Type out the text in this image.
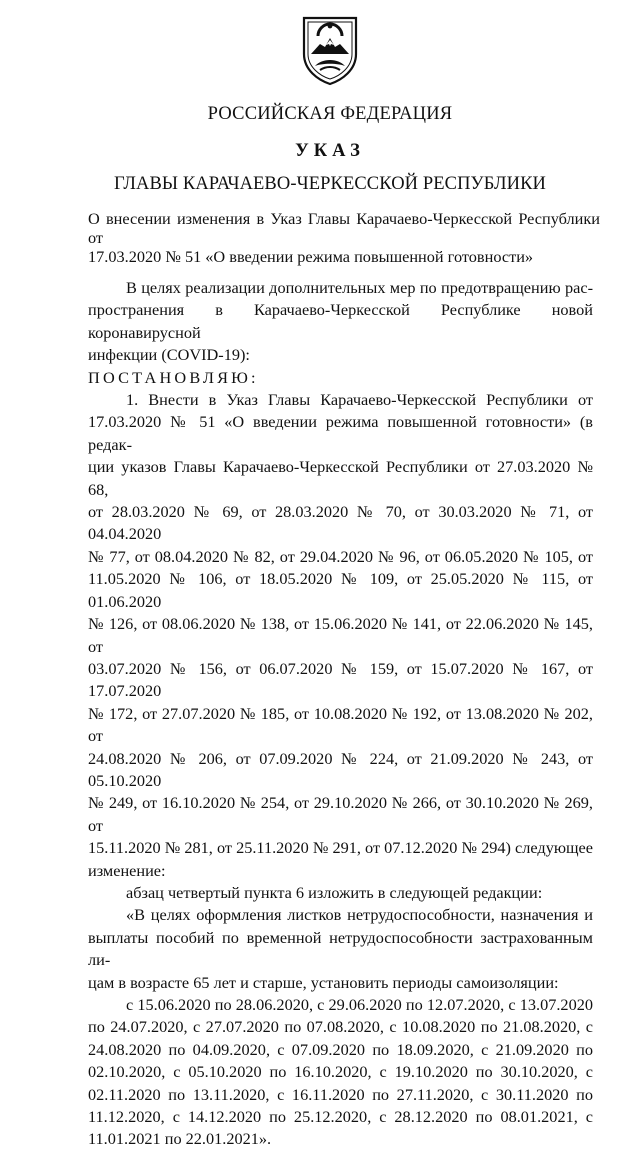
РОССИЙСКАЯ ФЕДЕРАЦИЯ
УКАЗ
ГЛАВЫ КАРАЧАЕВО-ЧЕРКЕССКОЙ РЕСПУБЛИКИ
О внесении изменения в Указ Главы Карачаево-Черкесской Республики от
17.03.2020 № 51 «О введении режима повышенной готовности»
В целях реализации дополнительных мер по предотвращению рас-
пространения в Карачаево-Черкесской Республике новой коронавирусной
инфекции (COVID-19):
ПОСТАНОВЛЯЮ:
1. Внести в Указ Главы Карачаево-Черкесской Республики от
17.03.2020 № 51 «О введении режима повышенной готовности» (в редак-
ции указов Главы Карачаево-Черкесской Республики от 27.03.2020 № 68,
от 28.03.2020 № 69, от 28.03.2020 № 70, от 30.03.2020 № 71, от 04.04.2020
№ 77, от 08.04.2020 № 82, от 29.04.2020 № 96, от 06.05.2020 № 105, от
11.05.2020 № 106, от 18.05.2020 № 109, от 25.05.2020 № 115, от 01.06.2020
№ 126, от 08.06.2020 № 138, от 15.06.2020 № 141, от 22.06.2020 № 145, от
03.07.2020 № 156, от 06.07.2020 № 159, от 15.07.2020 № 167, от 17.07.2020
№ 172, от 27.07.2020 № 185, от 10.08.2020 № 192, от 13.08.2020 № 202, от
24.08.2020 № 206, от 07.09.2020 № 224, от 21.09.2020 № 243, от 05.10.2020
№ 249, от 16.10.2020 № 254, от 29.10.2020 № 266, от 30.10.2020 № 269, от
15.11.2020 № 281, от 25.11.2020 № 291, от 07.12.2020 № 294) следующее
изменение:
абзац четвертый пункта 6 изложить в следующей редакции:
«В целях оформления листков нетрудоспособности, назначения и
выплаты пособий по временной нетрудоспособности застрахованным ли-
цам в возрасте 65 лет и старше, установить периоды самоизоляции:
с 15.06.2020 по 28.06.2020, с 29.06.2020 по 12.07.2020, с 13.07.2020
по 24.07.2020, с 27.07.2020 по 07.08.2020, с 10.08.2020 по 21.08.2020, с
24.08.2020 по 04.09.2020, с 07.09.2020 по 18.09.2020, с 21.09.2020 по
02.10.2020, с 05.10.2020 по 16.10.2020, с 19.10.2020 по 30.10.2020, с
02.11.2020 по 13.11.2020, с 16.11.2020 по 27.11.2020, с 30.11.2020 по
11.12.2020, с 14.12.2020 по 25.12.2020, с 28.12.2020 по 08.01.2021, с
11.01.2021 по 22.01.2021».
